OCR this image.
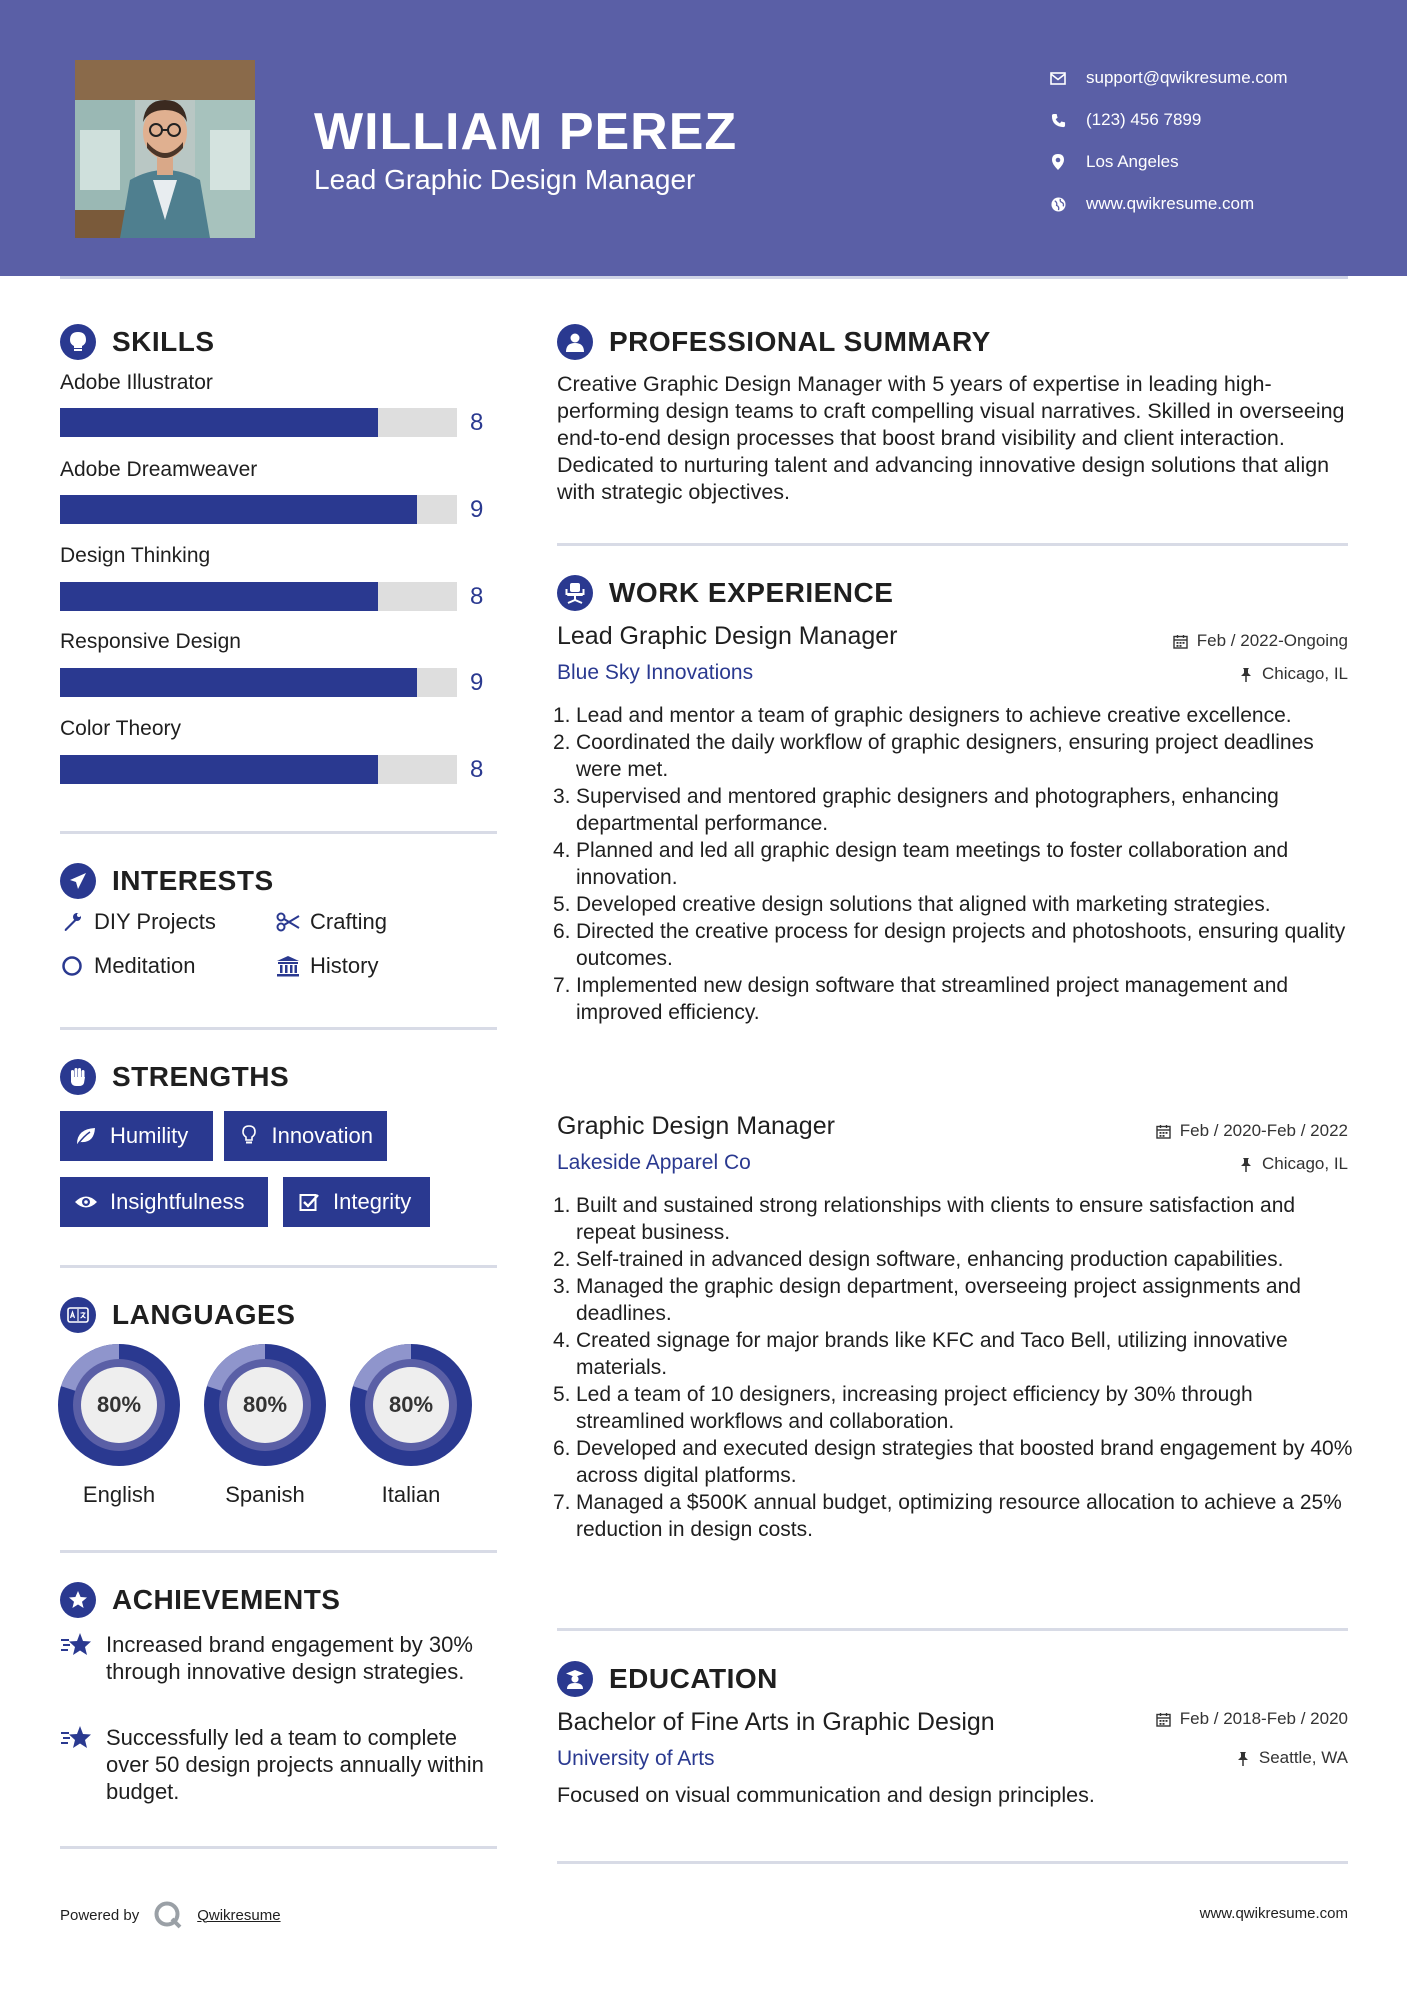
WILLIAM PEREZ
Lead Graphic Design Manager
support@qwikresume.com
(123) 456 7899
Los Angeles
www.qwikresume.com
SKILLS
Adobe Illustrator
8
Adobe Dreamweaver
9
Design Thinking
8
Responsive Design
9
Color Theory
8
INTERESTS
DIY Projects	Crafting
Meditation	History
STRENGTHS
Humility	Innovation
Insightfulness	Integrity
LANGUAGES
80%
English
80%
Spanish
80%
Italian
ACHIEVEMENTS
Increased brand engagement by 30% through innovative design strategies.
Successfully led a team to complete over 50 design projects annually within budget.
PROFESSIONAL SUMMARY
Creative Graphic Design Manager with 5 years of expertise in leading high-performing design teams to craft compelling visual narratives. Skilled in overseeing end-to-end design processes that boost brand visibility and client interaction. Dedicated to nurturing talent and advancing innovative design solutions that align with strategic objectives.
WORK EXPERIENCE
Lead Graphic Design Manager	Feb / 2022-Ongoing
Blue Sky Innovations	Chicago, IL
1. Lead and mentor a team of graphic designers to achieve creative excellence.
2. Coordinated the daily workflow of graphic designers, ensuring project deadlines were met.
3. Supervised and mentored graphic designers and photographers, enhancing departmental performance.
4. Planned and led all graphic design team meetings to foster collaboration and innovation.
5. Developed creative design solutions that aligned with marketing strategies.
6. Directed the creative process for design projects and photoshoots, ensuring quality outcomes.
7. Implemented new design software that streamlined project management and improved efficiency.
Graphic Design Manager	Feb / 2020-Feb / 2022
Lakeside Apparel Co	Chicago, IL
1. Built and sustained strong relationships with clients to ensure satisfaction and repeat business.
2. Self-trained in advanced design software, enhancing production capabilities.
3. Managed the graphic design department, overseeing project assignments and deadlines.
4. Created signage for major brands like KFC and Taco Bell, utilizing innovative materials.
5. Led a team of 10 designers, increasing project efficiency by 30% through streamlined workflows and collaboration.
6. Developed and executed design strategies that boosted brand engagement by 40% across digital platforms.
7. Managed a $500K annual budget, optimizing resource allocation to achieve a 25% reduction in design costs.
EDUCATION
Bachelor of Fine Arts in Graphic Design	Feb / 2018-Feb / 2020
University of Arts	Seattle, WA
Focused on visual communication and design principles.
Powered by	Qwikresume	www.qwikresume.com
